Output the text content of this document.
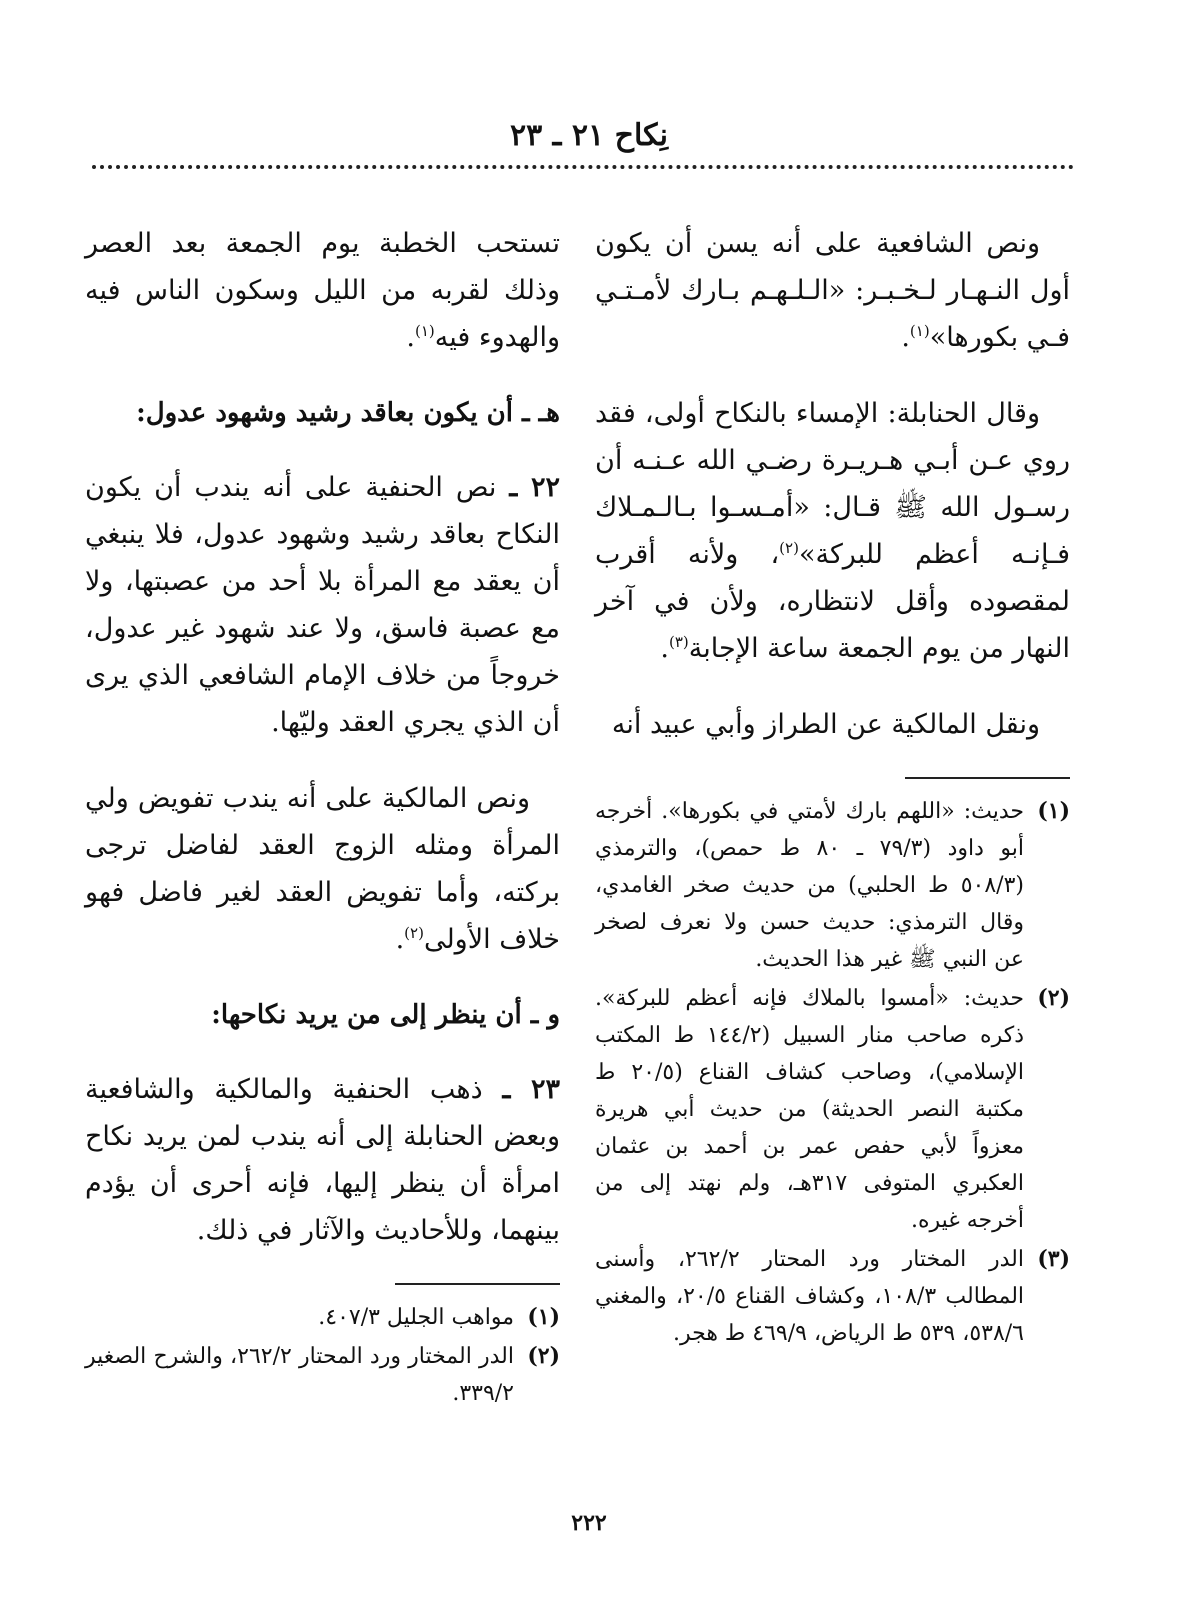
نِكاح ٢١ ـ ٢٣

ونص الشافعية على أنه يسن أن يكون أول النـهـار لـخـبـر: «الـلـهـم بـارك لأمـتـي فـي بكورها»$^{(١)}$.

وقال الحنابلة: الإمساء بالنكاح أولى، فقد روي عـن أبـي هـريـرة رضـي الله عـنـه أن رسـول الله ﷺ قـال: «أمـسـوا بـالـمـلاك فـإنـه أعظم للبركة»$^{(٢)}$، ولأنه أقرب لمقصوده وأقل لانتظاره، ولأن في آخر النهار من يوم الجمعة ساعة الإجابة$^{(٣)}$.

ونقل المالكية عن الطراز وأبي عبيد أنه

(١)
حديث: «اللهم بارك لأمتي في بكورها». أخرجه أبو داود (٧٩/٣ ـ ٨٠ ط حمص)، والترمذي (٥٠٨/٣ ط الحلبي) من حديث صخر الغامدي، وقال الترمذي: حديث حسن ولا نعرف لصخر عن النبي ﷺ غير هذا الحديث.
(٢)
حديث: «أمسوا بالملاك فإنه أعظم للبركة». ذكره صاحب منار السبيل (١٤٤/٢ ط المكتب الإسلامي)، وصاحب كشاف القناع (٢٠/٥ ط مكتبة النصر الحديثة) من حديث أبي هريرة معزواً لأبي حفص عمر بن أحمد بن عثمان العكبري المتوفى ٣١٧هـ، ولم نهتد إلى من أخرجه غيره.
(٣)
الدر المختار ورد المحتار ٢٦٢/٢، وأسنى المطالب ١٠٨/٣، وكشاف القناع ٢٠/٥، والمغني ٥٣٨/٦، ٥٣٩ ط الرياض، ٤٦٩/٩ ط هجر.

تستحب الخطبة يوم الجمعة بعد العصر وذلك لقربه من الليل وسكون الناس فيه والهدوء فيه$^{(١)}$.

هـ ـ أن يكون بعاقد رشيد وشهود عدول:

٢٢ ـ نص الحنفية على أنه يندب أن يكون النكاح بعاقد رشيد وشهود عدول، فلا ينبغي أن يعقد مع المرأة بلا أحد من عصبتها، ولا مع عصبة فاسق، ولا عند شهود غير عدول، خروجاً من خلاف الإمام الشافعي الذي يرى أن الذي يجري العقد وليّها.

ونص المالكية على أنه يندب تفويض ولي المرأة ومثله الزوج العقد لفاضل ترجى بركته، وأما تفويض العقد لغير فاضل فهو خلاف الأولى$^{(٢)}$.

و ـ أن ينظر إلى من يريد نكاحها:

٢٣ ـ ذهب الحنفية والمالكية والشافعية وبعض الحنابلة إلى أنه يندب لمن يريد نكاح امرأة أن ينظر إليها، فإنه أحرى أن يؤدم بينهما، وللأحاديث والآثار في ذلك.

(١)
مواهب الجليل ٤٠٧/٣.
(٢)
الدر المختار ورد المحتار ٢٦٢/٢، والشرح الصغير ٣٣٩/٢.
٢٢٢
